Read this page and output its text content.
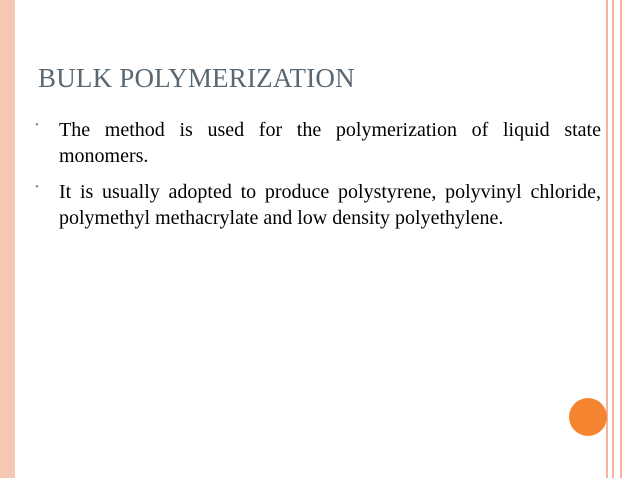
BULK POLYMERIZATION
• The method is used for the polymerization of liquid state monomers.
• It is usually adopted to produce polystyrene, polyvinyl chloride, polymethyl methacrylate and low density polyethylene.
